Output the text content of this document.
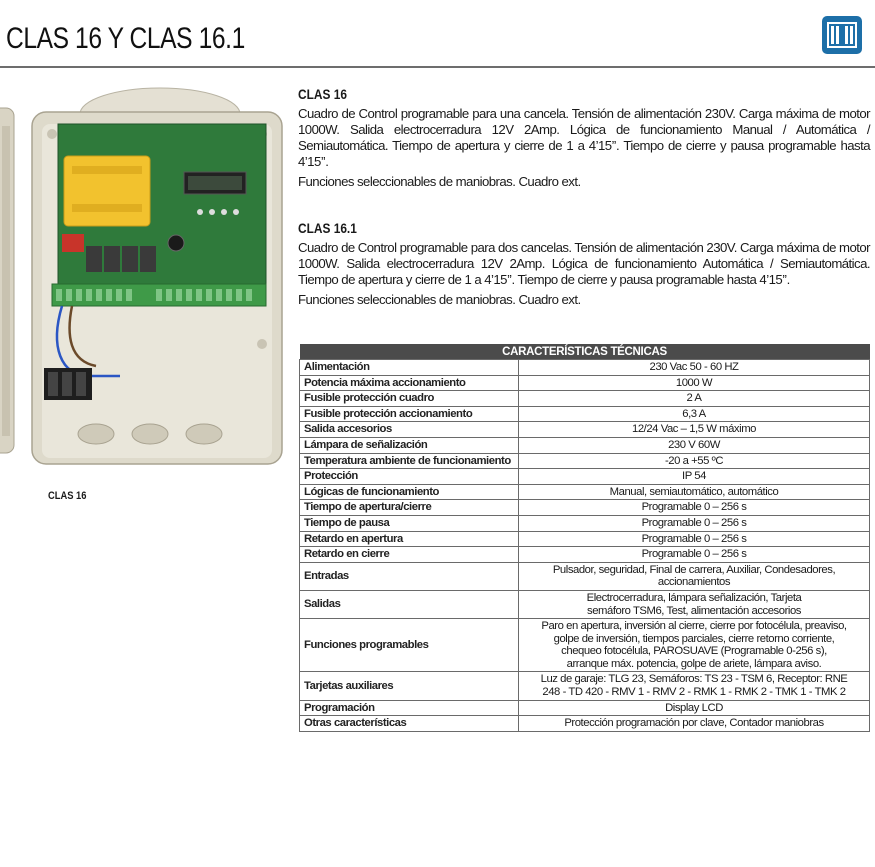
CLAS 16 Y CLAS 16.1
CLAS 16

CLAS 16

Cuadro de Control programable para una cancela. Tensión de alimentación 230V. Carga máxima de motor 1000W. Salida electrocerradura 12V 2Amp. Lógica de funcionamiento Manual / Automática / Semiautomática. Tiempo de apertura y cierre de 1 a 4’15’’. Tiempo de cierre y pausa programable hasta 4’15’’.

Funciones seleccionables de maniobras. Cuadro ext.

CLAS 16.1

Cuadro de Control programable para dos cancelas. Tensión de alimentación 230V. Carga máxima de motor 1000W. Salida electrocerradura 12V 2Amp. Lógica de funcionamiento Automática / Semiautomática. Tiempo de apertura y cierre de 1 a 4’15’’. Tiempo de cierre y pausa programable hasta 4’15’’.

Funciones seleccionables de maniobras. Cuadro ext.

CARACTERÍSTICAS TÉCNICAS	
Alimentación	230 Vac 50 - 60 HZ
Potencia máxima accionamiento	1000 W
Fusible protección cuadro	2 A
Fusible protección accionamiento	6,3 A
Salida accesorios	12/24 Vac – 1,5 W máximo
Lámpara de señalización	230 V 60W
Temperatura ambiente de funcionamiento	-20 a +55 ºC
Protección	IP 54
Lógicas de funcionamiento	Manual, semiautomático, automático
Tiempo de apertura/cierre	Programable 0 – 256 s
Tiempo de pausa	Programable 0 – 256 s
Retardo en apertura	Programable 0 – 256 s
Retardo en cierre	Programable 0 – 256 s
Entradas	Pulsador, seguridad, Final de carrera, Auxiliar, Condesadores, accionamientos
Salidas	Electrocerradura, lámpara señalización, Tarjeta
semáforo TSM6, Test, alimentación accesorios

Funciones programables	Paro en apertura, inversión al cierre, cierre por fotocélula, preaviso,
golpe de inversión, tiempos parciales, cierre retorno corriente,
chequeo fotocélula, PAROSUAVE (Programable 0-256 s),
arranque máx. potencia, golpe de ariete, lámpara aviso.

Tarjetas auxiliares	Luz de garaje: TLG 23, Semáforos: TS 23 - TSM 6, Receptor: RNE
248 - TD 420 - RMV 1 - RMV 2 - RMK 1 - RMK 2 - TMK 1 - TMK 2

Programación	Display LCD
Otras características	Protección programación por clave, Contador maniobras
